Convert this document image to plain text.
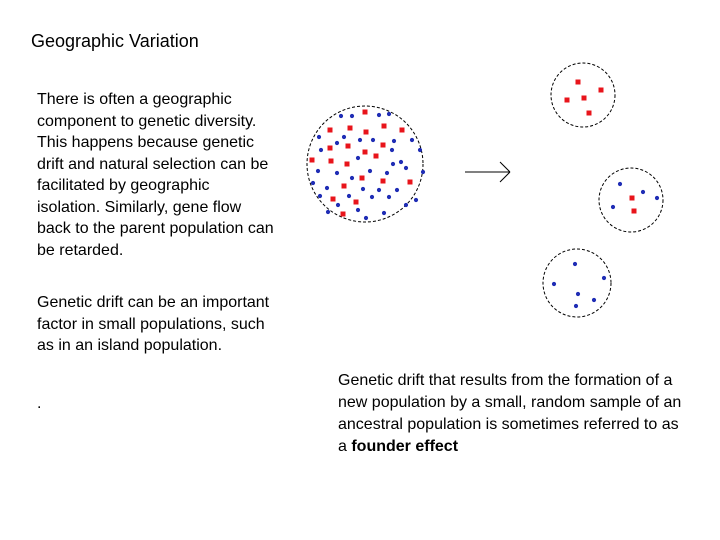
Geographic Variation
There is often a geographic component to genetic diversity. This happens because genetic drift and natural selection can be facilitated by geographic isolation. Similarly, gene flow back to the parent population can be retarded.
Genetic drift can be an important factor in small populations, such as in an island population.
.
Genetic drift that results from the formation of a new population by a small, random sample of an ancestral population is sometimes referred to as a founder effect
